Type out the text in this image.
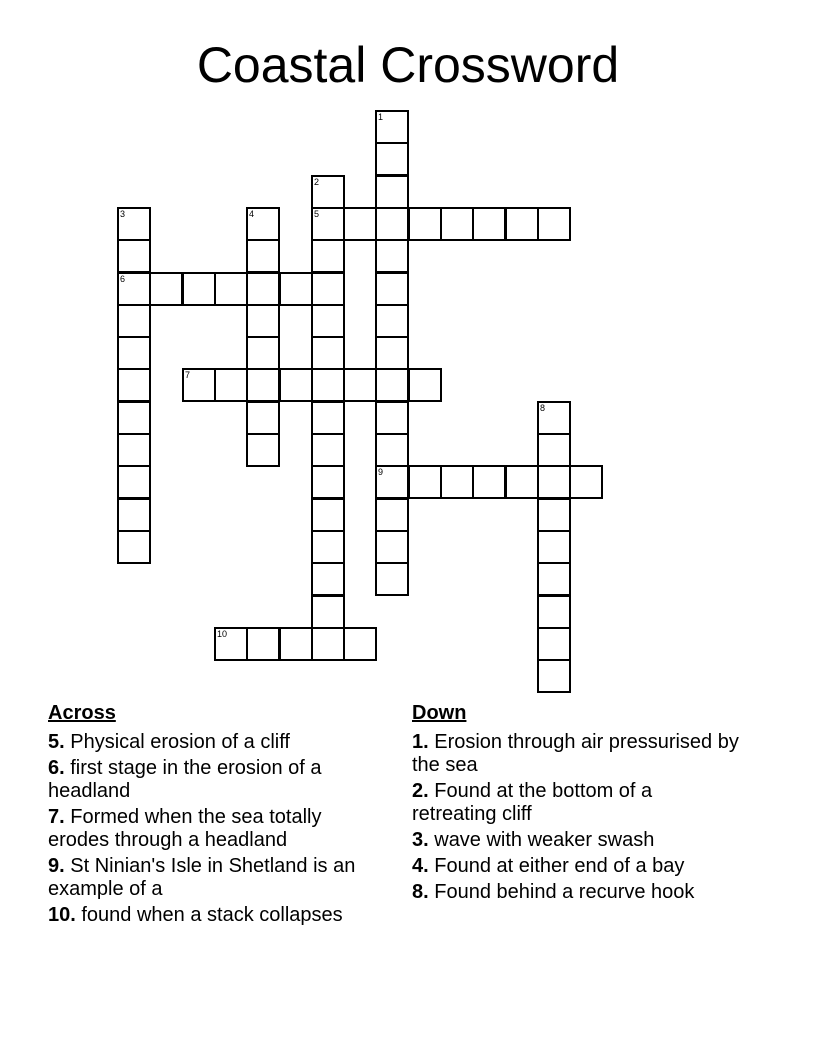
Coastal Crossword
1
9
2
5
3
6
4
7
8
10
Across
5. Physical erosion of a cliff
6. first stage in the erosion of a headland
7. Formed when the sea totally erodes through a headland
9. St Ninian's Isle in Shetland is an example of a
10. found when a stack collapses
Down
1. Erosion through air pressurised by the sea
2. Found at the bottom of a retreating cliff
3. wave with weaker swash
4. Found at either end of a bay
8. Found behind a recurve hook
